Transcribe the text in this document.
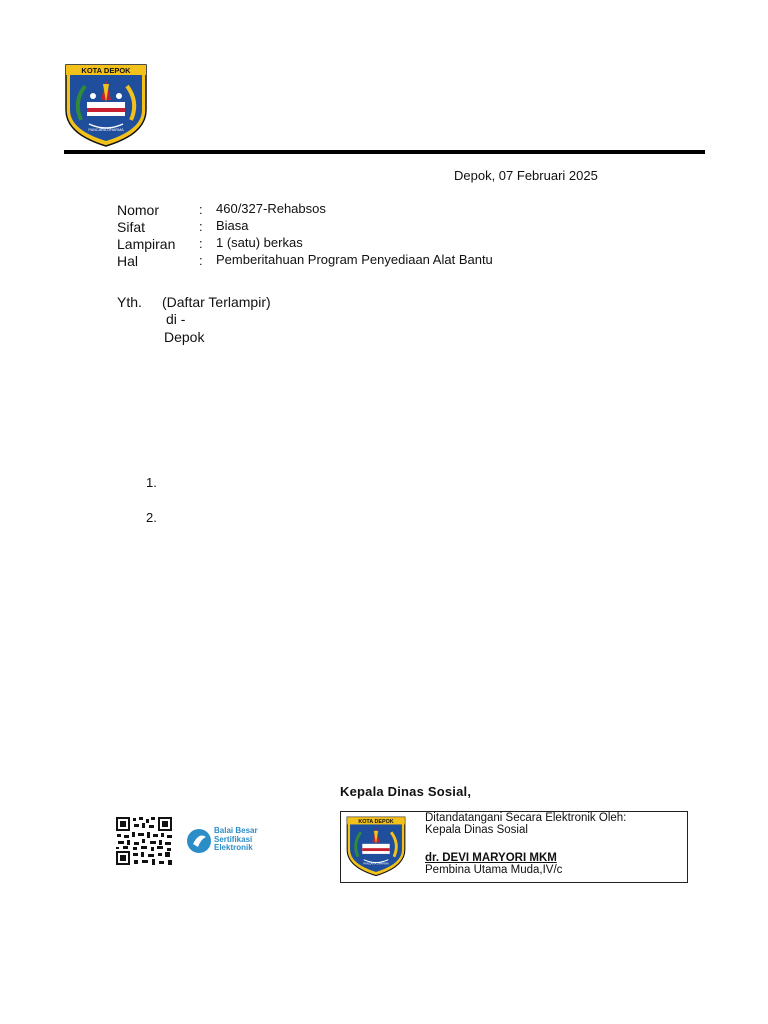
KOTA DEPOK
PANCARA DHARMA
Depok, 07 Februari 2025
Nomor	: 460/327-Rehabsos
Sifat	: Biasa
Lampiran : 1 (satu) berkas
Hal	: Pemberitahuan Program Penyediaan Alat Bantu
Yth. (Daftar Terlampir)
di -
Depok
1.
2.
Kepala Dinas Sosial,
Balai Besar
Sertifikasi
Elektronik
KOTA DEPOK
PANCARA DHARMA
Ditandatangani Secara Elektronik Oleh:
Kepala Dinas Sosial
dr. DEVI MARYORI MKM
Pembina Utama Muda,IV/c
